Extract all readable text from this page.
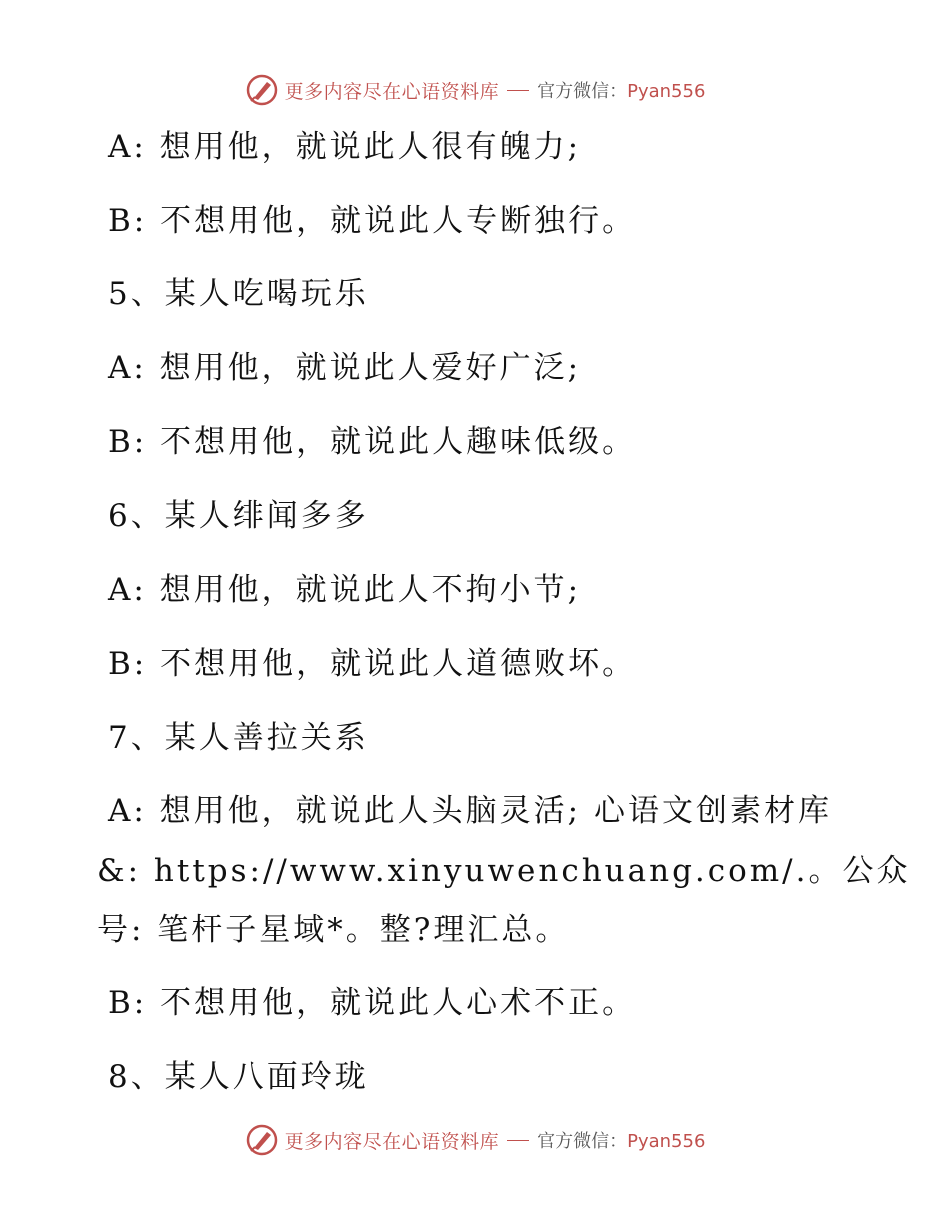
更多内容尽在心语资料库 官方微信：Pyan556
A: 想用他，就说此人很有魄力;
B: 不想用他，就说此人专断独行。
5、某人吃喝玩乐
A: 想用他，就说此人爱好广泛;
B: 不想用他，就说此人趣味低级。
6、某人绯闻多多
A: 想用他，就说此人不拘小节;
B: 不想用他，就说此人道德败坏。
7、某人善拉关系
A: 想用他，就说此人头脑灵活; 心语文创素材库
&: https://www.xinyuwenchuang.com/.。公众
号: 笔杆子星域*。整?理汇总。
B: 不想用他，就说此人心术不正。
8、某人八面玲珑
更多内容尽在心语资料库 官方微信：Pyan556
